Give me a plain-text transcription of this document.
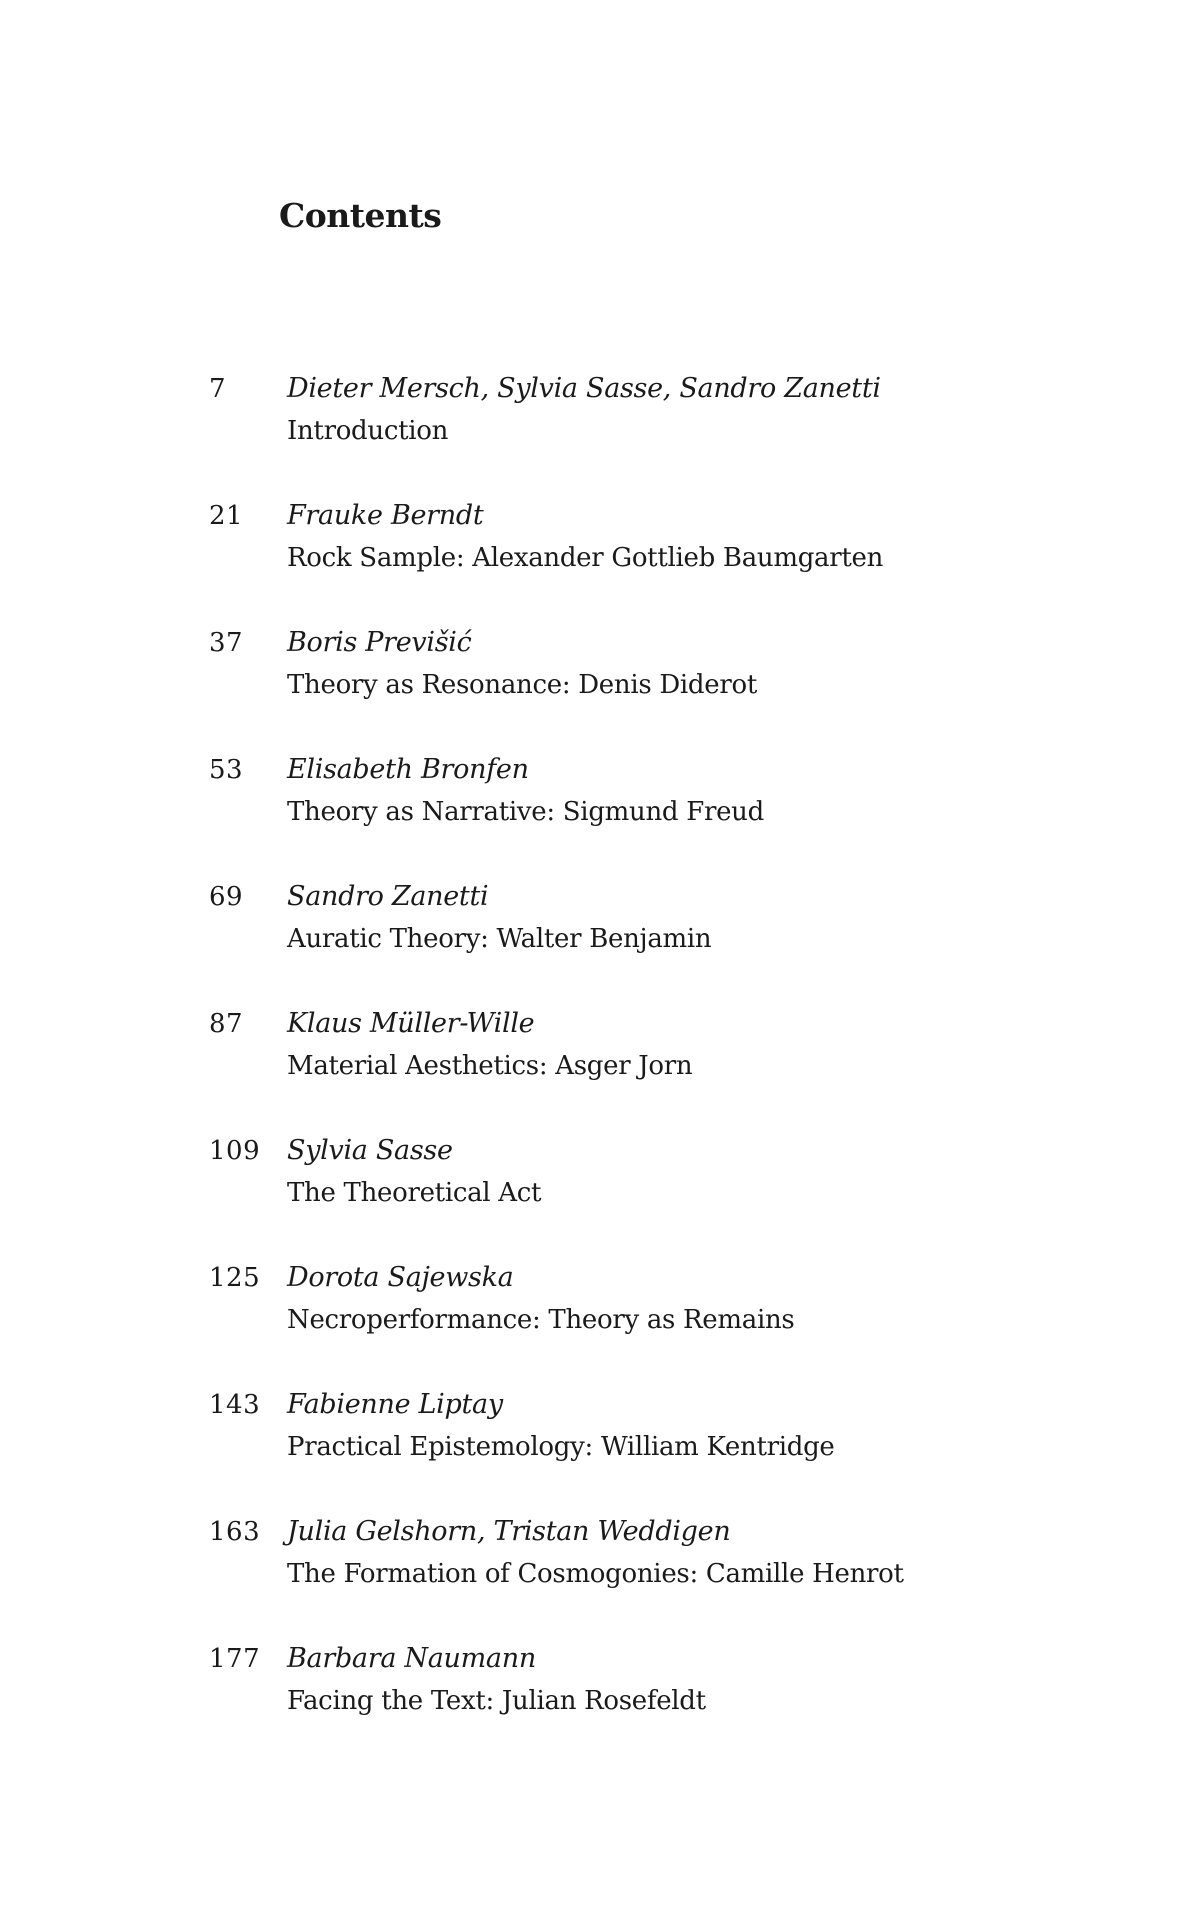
Contents
7 Dieter Mersch, Sylvia Sasse, Sandro Zanetti
Introduction
21 Frauke Berndt
Rock Sample: Alexander Gottlieb Baumgarten
37 Boris Previšić
Theory as Resonance: Denis Diderot
53 Elisabeth Bronfen
Theory as Narrative: Sigmund Freud
69 Sandro Zanetti
Auratic Theory: Walter Benjamin
87 Klaus Müller-Wille
Material Aesthetics: Asger Jorn
109 Sylvia Sasse
The Theoretical Act
125 Dorota Sajewska
Necroperformance: Theory as Remains
143 Fabienne Liptay
Practical Epistemology: William Kentridge
163 Julia Gelshorn, Tristan Weddigen
The Formation of Cosmogonies: Camille Henrot
177 Barbara Naumann
Facing the Text: Julian Rosefeldt
